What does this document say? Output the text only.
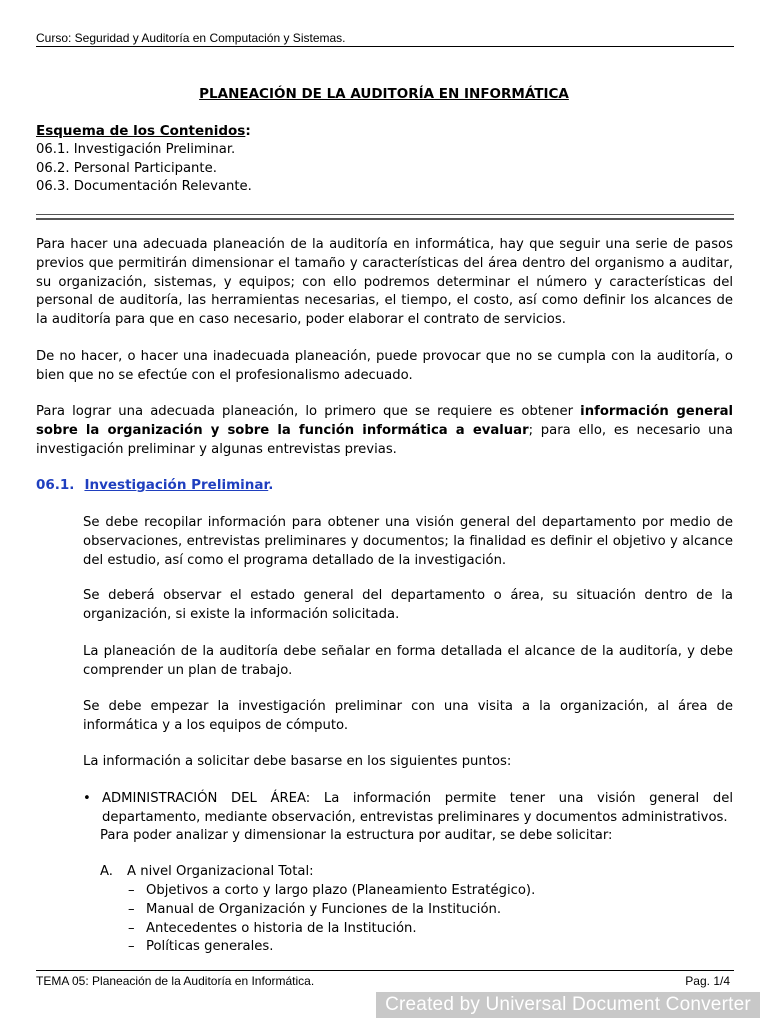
Curso: Seguridad y Auditoría en Computación y Sistemas.
PLANEACIÓN DE LA AUDITORÍA EN INFORMÁTICA
Esquema de los Contenidos:
06.1. Investigación Preliminar.
06.2. Personal Participante.
06.3. Documentación Relevante.

Para hacer una adecuada planeación de la auditoría en informática, hay que seguir una serie de pasos previos que permitirán dimensionar el tamaño y características del área dentro del organismo a auditar, su organización, sistemas, y equipos; con ello podremos determinar el número y características del personal de auditoría, las herramientas necesarias, el tiempo, el costo, así como definir los alcances de la auditoría para que en caso necesario, poder elaborar el contrato de servicios.

De no hacer, o hacer una inadecuada planeación, puede provocar que no se cumpla con la auditoría, o bien que no se efectúe con el profesionalismo adecuado.

Para lograr una adecuada planeación, lo primero que se requiere es obtener información general sobre la organización y sobre la función informática a evaluar; para ello, es necesario una investigación preliminar y algunas entrevistas previas.

06.1. Investigación Preliminar.

Se debe recopilar información para obtener una visión general del departamento por medio de observaciones, entrevistas preliminares y documentos; la finalidad es definir el objetivo y alcance del estudio, así como el programa detallado de la investigación.

Se deberá observar el estado general del departamento o área, su situación dentro de la organización, si existe la información solicitada.

La planeación de la auditoría debe señalar en forma detallada el alcance de la auditoría, y debe comprender un plan de trabajo.

Se debe empezar la investigación preliminar con una visita a la organización, al área de informática y a los equipos de cómputo.

La información a solicitar debe basarse en los siguientes puntos:

• ADMINISTRACIÓN DEL ÁREA: La información permite tener una visión general del departamento, mediante observación, entrevistas preliminares y documentos administrativos.
Para poder analizar y dimensionar la estructura por auditar, se debe solicitar:
A.	A nivel Organizacional Total:
– Objetivos a corto y largo plazo (Planeamiento Estratégico).
– Manual de Organización y Funciones de la Institución.
– Antecedentes o historia de la Institución.
– Políticas generales.
TEMA 05: Planeación de la Auditoría en Informática.	Pag. 1/4
Created by Universal Document Converter
